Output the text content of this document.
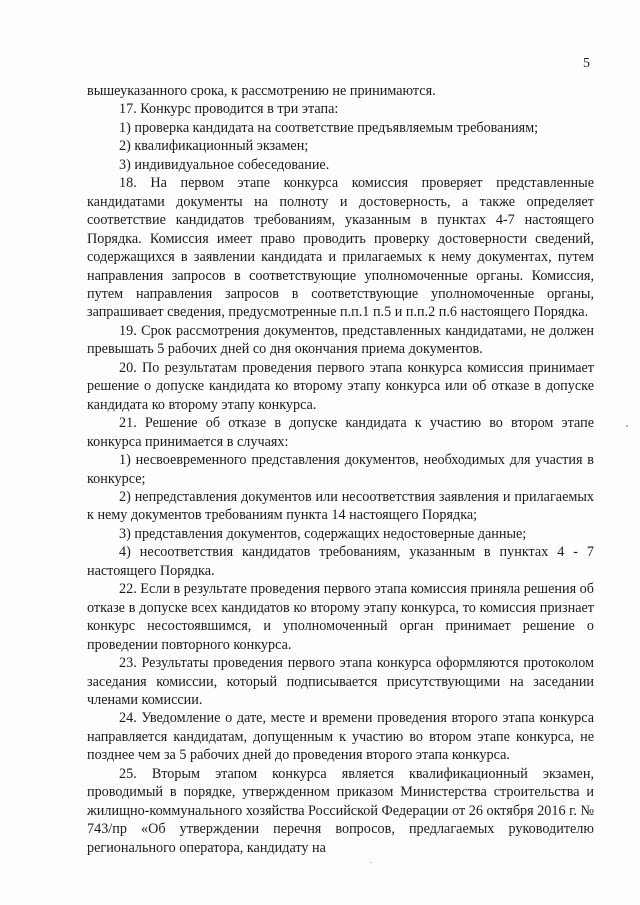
5

вышеуказанного срока, к рассмотрению не принимаются.

17. Конкурс проводится в три этапа:

1) проверка кандидата на соответствие предъявляемым требованиям;

2) квалификационный экзамен;

3) индивидуальное собеседование.

18. На первом этапе конкурса комиссия проверяет представленные кандидатами документы на полноту и достоверность, а также определяет соответствие кандидатов требованиям, указанным в пунктах 4-7 настоящего Порядка. Комиссия имеет право проводить проверку достоверности сведений, содержащихся в заявлении кандидата и прилагаемых к нему документах, путем направления запросов в соответствующие уполномоченные органы. Комиссия, путем направления запросов в соответствующие уполномоченные органы, запрашивает сведения, предусмотренные п.п.1 п.5 и п.п.2 п.6 настоящего Порядка.

19. Срок рассмотрения документов, представленных кандидатами, не должен превышать 5 рабочих дней со дня окончания приема документов.

20. По результатам проведения первого этапа конкурса комиссия принимает решение о допуске кандидата ко второму этапу конкурса или об отказе в допуске кандидата ко второму этапу конкурса.

21. Решение об отказе в допуске кандидата к участию во втором этапе конкурса принимается в случаях:

1) несвоевременного представления документов, необходимых для участия в конкурсе;

2) непредставления документов или несоответствия заявления и прилагаемых к нему документов требованиям пункта 14 настоящего Порядка;

3) представления документов, содержащих недостоверные данные;

4) несоответствия кандидатов требованиям, указанным в пунктах 4 - 7 настоящего Порядка.

22. Если в результате проведения первого этапа комиссия приняла решения об отказе в допуске всех кандидатов ко второму этапу конкурса, то комиссия признает конкурс несостоявшимся, и уполномоченный орган принимает решение о проведении повторного конкурса.

23. Результаты проведения первого этапа конкурса оформляются протоколом заседания комиссии, который подписывается присутствующими на заседании членами комиссии.

24. Уведомление о дате, месте и времени проведения второго этапа конкурса направляется кандидатам, допущенным к участию во втором этапе конкурса, не позднее чем за 5 рабочих дней до проведения второго этапа конкурса.

25. Вторым этапом конкурса является квалификационный экзамен, проводимый в порядке, утвержденном приказом Министерства строительства и жилищно-коммунального хозяйства Российской Федерации от 26 октября 2016 г. № 743/пр «Об утверждении перечня вопросов, предлагаемых руководителю регионального оператора, кандидату на
